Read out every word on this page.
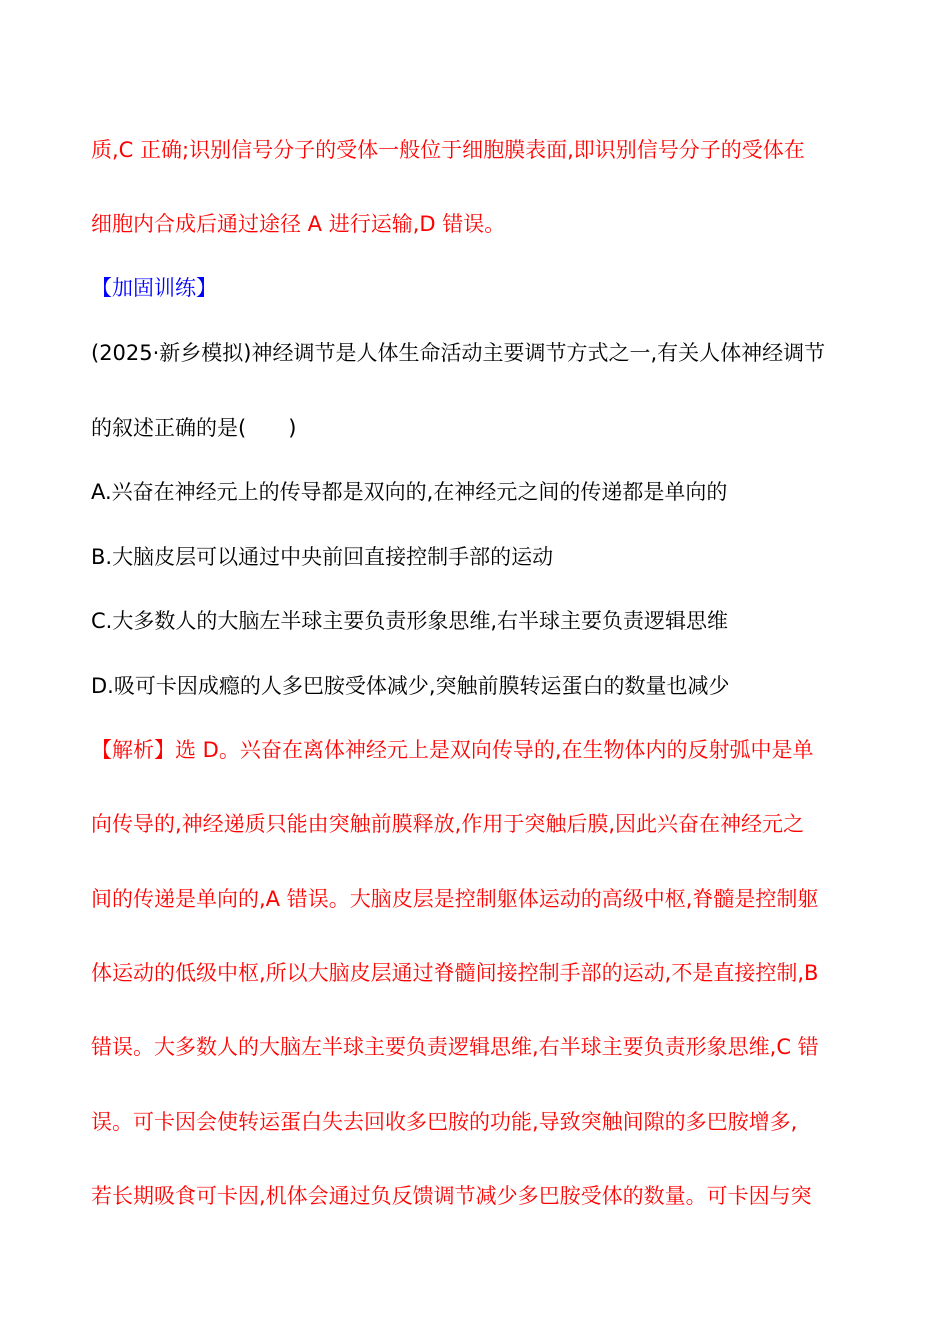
质,C 正确;识别信号分子的受体一般位于细胞膜表面,即识别信号分子的受体在
细胞内合成后通过途径 A 进行运输,D 错误。
【加固训练】
(2025·新乡模拟)神经调节是人体生命活动主要调节方式之一,有关人体神经调节
的叙述正确的是(　　)
A.兴奋在神经元上的传导都是双向的,在神经元之间的传递都是单向的
B.大脑皮层可以通过中央前回直接控制手部的运动
C.大多数人的大脑左半球主要负责形象思维,右半球主要负责逻辑思维
D.吸可卡因成瘾的人多巴胺受体减少,突触前膜转运蛋白的数量也减少
【解析】选 D。兴奋在离体神经元上是双向传导的,在生物体内的反射弧中是单
向传导的,神经递质只能由突触前膜释放,作用于突触后膜,因此兴奋在神经元之
间的传递是单向的,A 错误。大脑皮层是控制躯体运动的高级中枢,脊髓是控制躯
体运动的低级中枢,所以大脑皮层通过脊髓间接控制手部的运动,不是直接控制,B
错误。大多数人的大脑左半球主要负责逻辑思维,右半球主要负责形象思维,C 错
误。可卡因会使转运蛋白失去回收多巴胺的功能,导致突触间隙的多巴胺增多,
若长期吸食可卡因,机体会通过负反馈调节减少多巴胺受体的数量。可卡因与突
